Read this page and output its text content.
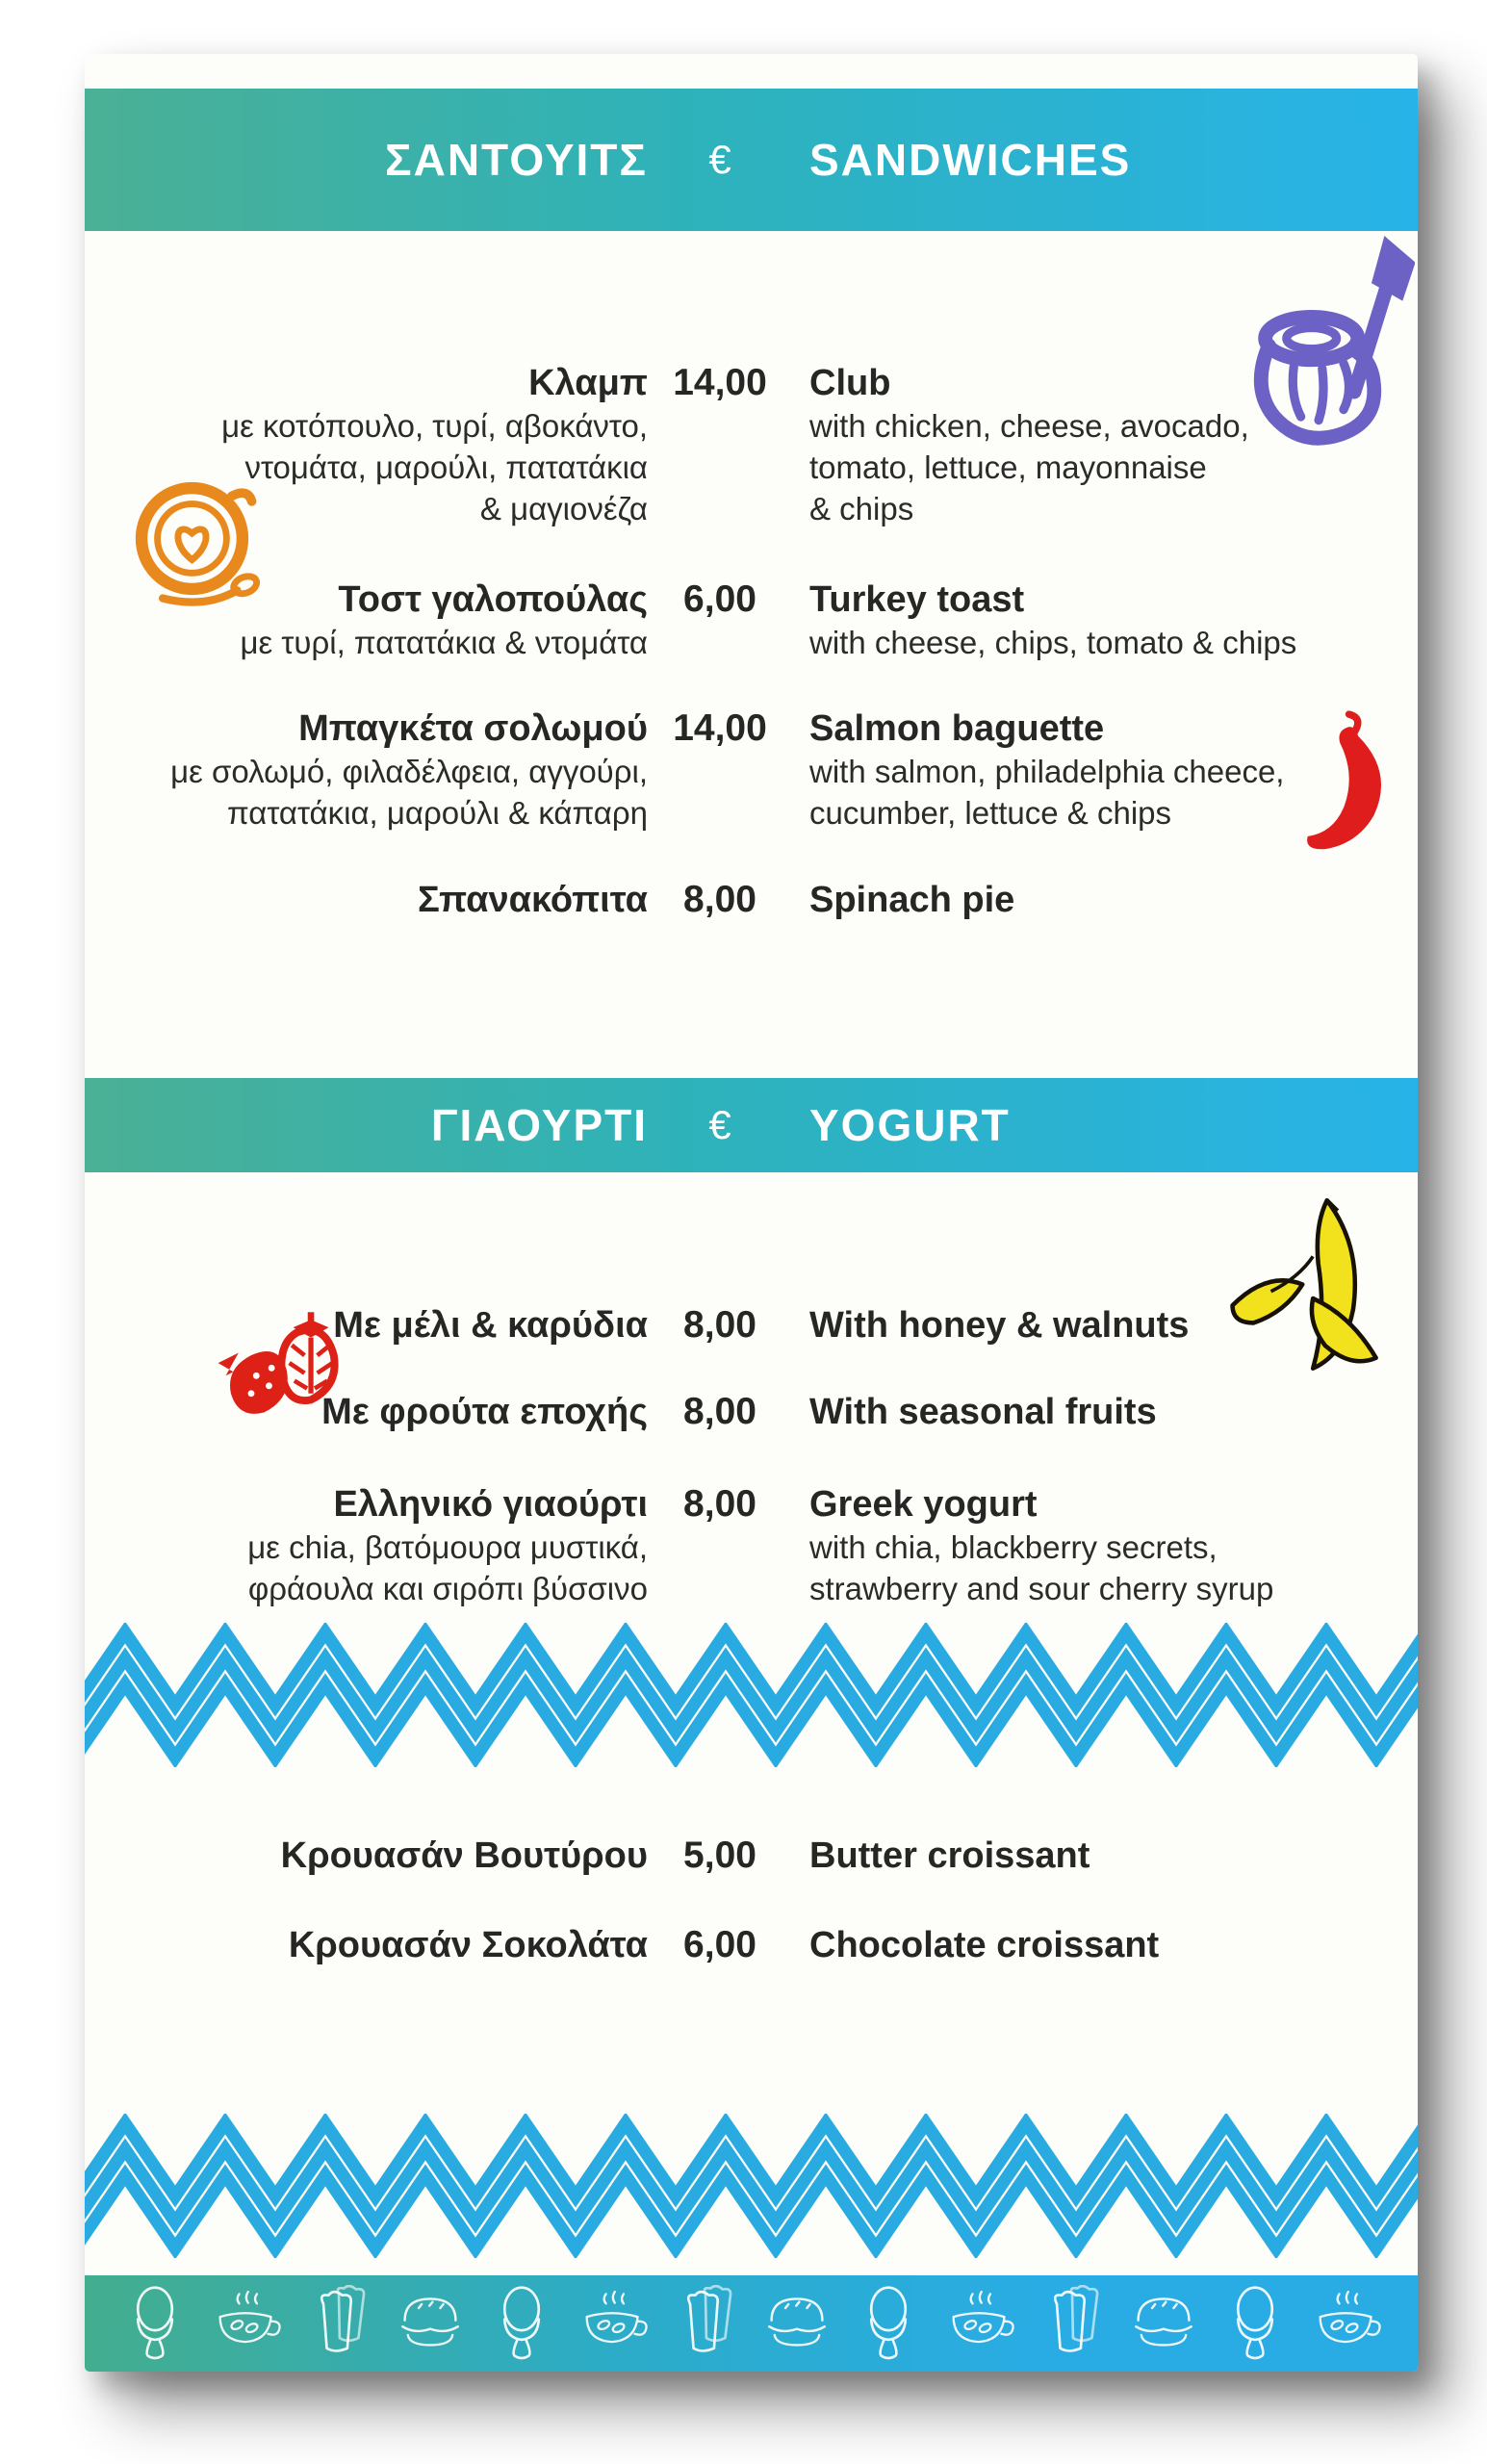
ΣΑΝΤΟΥΙΤΣ	€	SANDWICHES
Κλαμπ
με κοτόπουλο, τυρί, αβοκάντο,
ντομάτα, μαρούλι, πατατάκια
& μαγιονέζα
14,00	Club
with chicken, cheese, avocado,
tomato, lettuce, mayonnaise
& chips
Τοστ γαλοπούλας
με τυρί, πατατάκια & ντομάτα
6,00	Turkey toast
with cheese, chips, tomato & chips
Μπαγκέτα σολωμού
με σολωμό, φιλαδέλφεια, αγγούρι,
πατατάκια, μαρούλι & κάπαρη
14,00	Salmon baguette
with salmon, philadelphia cheece,
cucumber, lettuce & chips
Σπανακόπιτα 8,00	Spinach pie
ΓΙΑΟΥΡΤΙ	€	YOGURT
Με μέλι & καρύδια 8,00	With honey & walnuts
Με φρούτα εποχής 8,00	With seasonal fruits
Ελληνικό γιαούρτι
με chia, βατόμουρα μυστικά,
φράουλα και σιρόπι βύσσινο
8,00	Greek yogurt
with chia, blackberry secrets,
strawberry and sour cherry syrup
Κρουασάν Βουτύρου 5,00	Butter croissant
Κρουασάν Σοκολάτα 6,00	Chocolate croissant
